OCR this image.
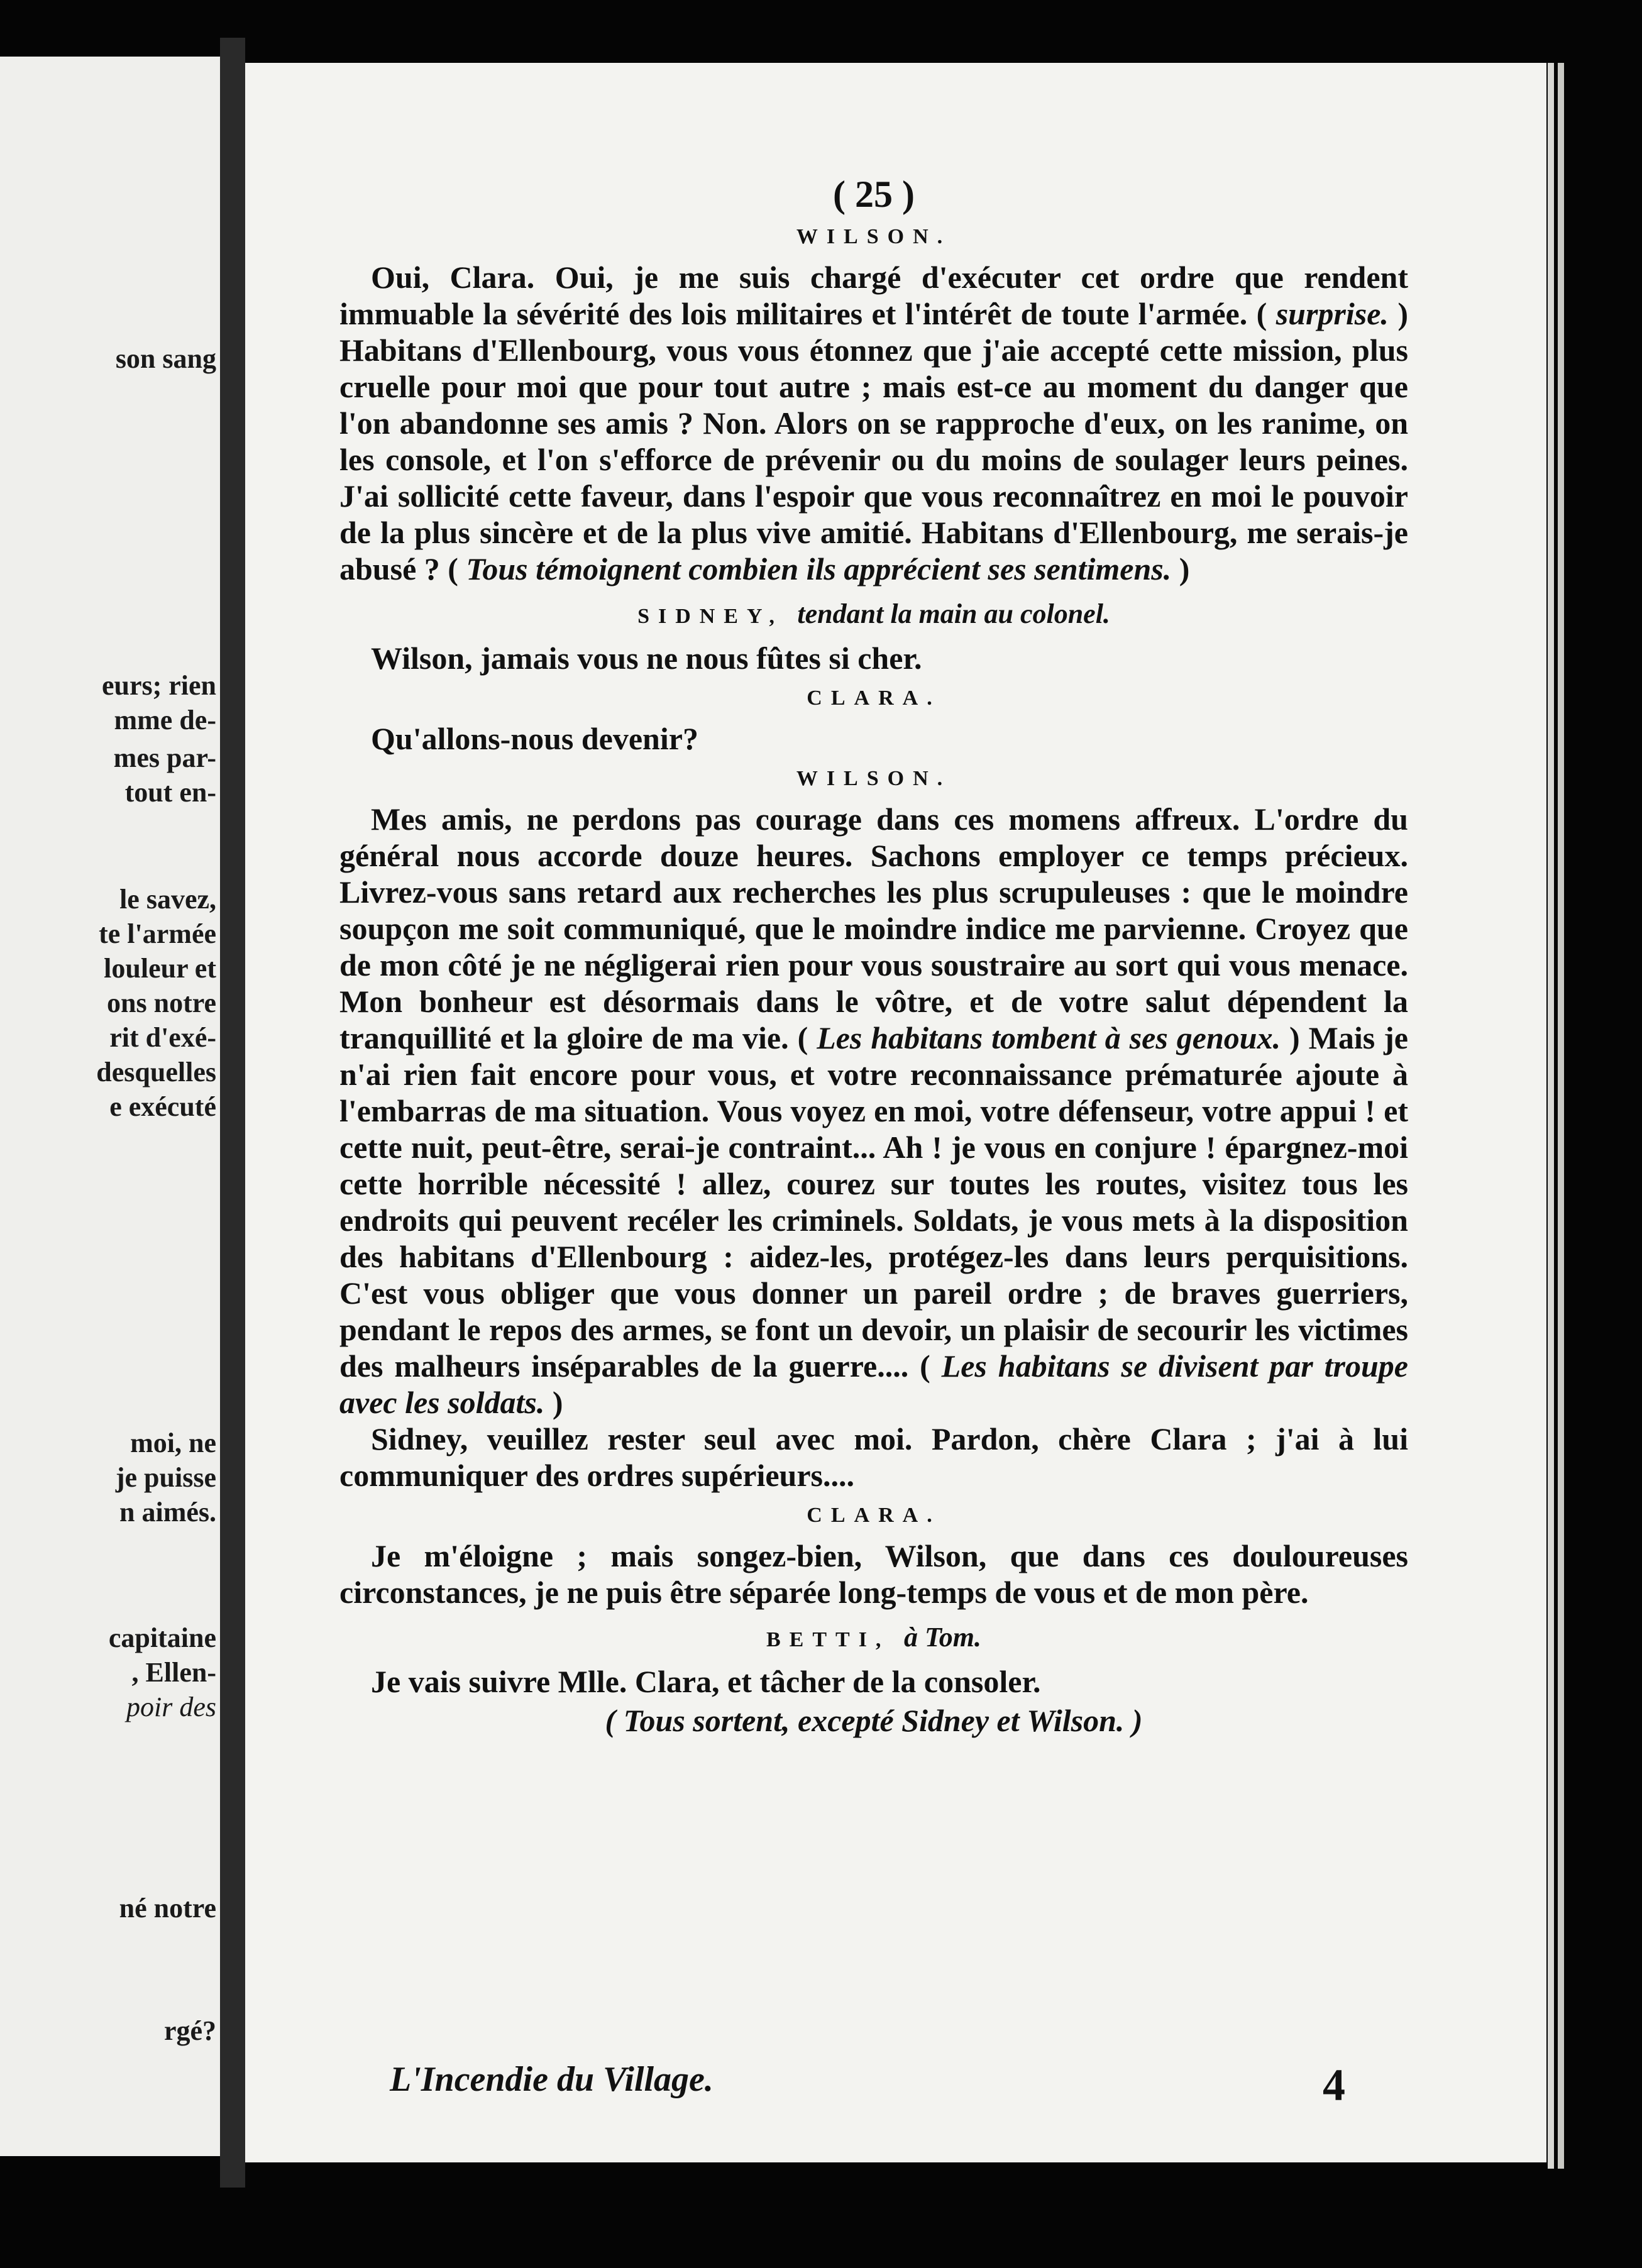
son sang
eurs; rien
mme de-
mes par-
tout en-
le savez,
te l'armée
louleur et
ons notre
rit d'exé-
desquelles
e exécuté
moi, ne
je puisse
n aimés.
capitaine
, Ellen-
poir des
né notre
rgé?
( 25 )
WILSON.

Oui, Clara. Oui, je me suis chargé d'exécuter cet ordre que rendent immuable la sévérité des lois militaires et l'intérêt de toute l'armée. ( surprise. ) Habitans d'Ellenbourg, vous vous étonnez que j'aie accepté cette mission, plus cruelle pour moi que pour tout autre ; mais est-ce au moment du danger que l'on abandonne ses amis ? Non. Alors on se rapproche d'eux, on les ranime, on les console, et l'on s'efforce de prévenir ou du moins de soulager leurs peines. J'ai sollicité cette faveur, dans l'espoir que vous reconnaîtrez en moi le pouvoir de la plus sincère et de la plus vive amitié. Habitans d'Ellenbourg, me serais-je abusé ? ( Tous témoignent combien ils apprécient ses sentimens. )

SIDNEY, tendant la main au colonel.

Wilson, jamais vous ne nous fûtes si cher.

CLARA.

Qu'allons-nous devenir?

WILSON.

Mes amis, ne perdons pas courage dans ces momens affreux. L'ordre du général nous accorde douze heures. Sachons employer ce temps précieux. Livrez-vous sans retard aux recherches les plus scrupuleuses : que le moindre soupçon me soit communiqué, que le moindre indice me parvienne. Croyez que de mon côté je ne négligerai rien pour vous soustraire au sort qui vous menace. Mon bonheur est désormais dans le vôtre, et de votre salut dépendent la tranquillité et la gloire de ma vie. ( Les habitans tombent à ses genoux. ) Mais je n'ai rien fait encore pour vous, et votre reconnaissance prématurée ajoute à l'embarras de ma situation. Vous voyez en moi, votre défenseur, votre appui ! et cette nuit, peut-être, serai-je contraint... Ah ! je vous en conjure ! épargnez-moi cette horrible nécessité ! allez, courez sur toutes les routes, visitez tous les endroits qui peuvent recéler les criminels. Soldats, je vous mets à la disposition des habitans d'Ellenbourg : aidez-les, protégez-les dans leurs perquisitions. C'est vous obliger que vous donner un pareil ordre ; de braves guerriers, pendant le repos des armes, se font un devoir, un plaisir de secourir les victimes des malheurs inséparables de la guerre.... ( Les habitans se divisent par troupe avec les soldats. )

Sidney, veuillez rester seul avec moi. Pardon, chère Clara ; j'ai à lui communiquer des ordres supérieurs....

CLARA.

Je m'éloigne ; mais songez-bien, Wilson, que dans ces douloureuses circonstances, je ne puis être séparée long-temps de vous et de mon père.

BETTI, à Tom.

Je vais suivre Mlle. Clara, et tâcher de la consoler.

( Tous sortent, excepté Sidney et Wilson. )
L'Incendie du Village.	4
